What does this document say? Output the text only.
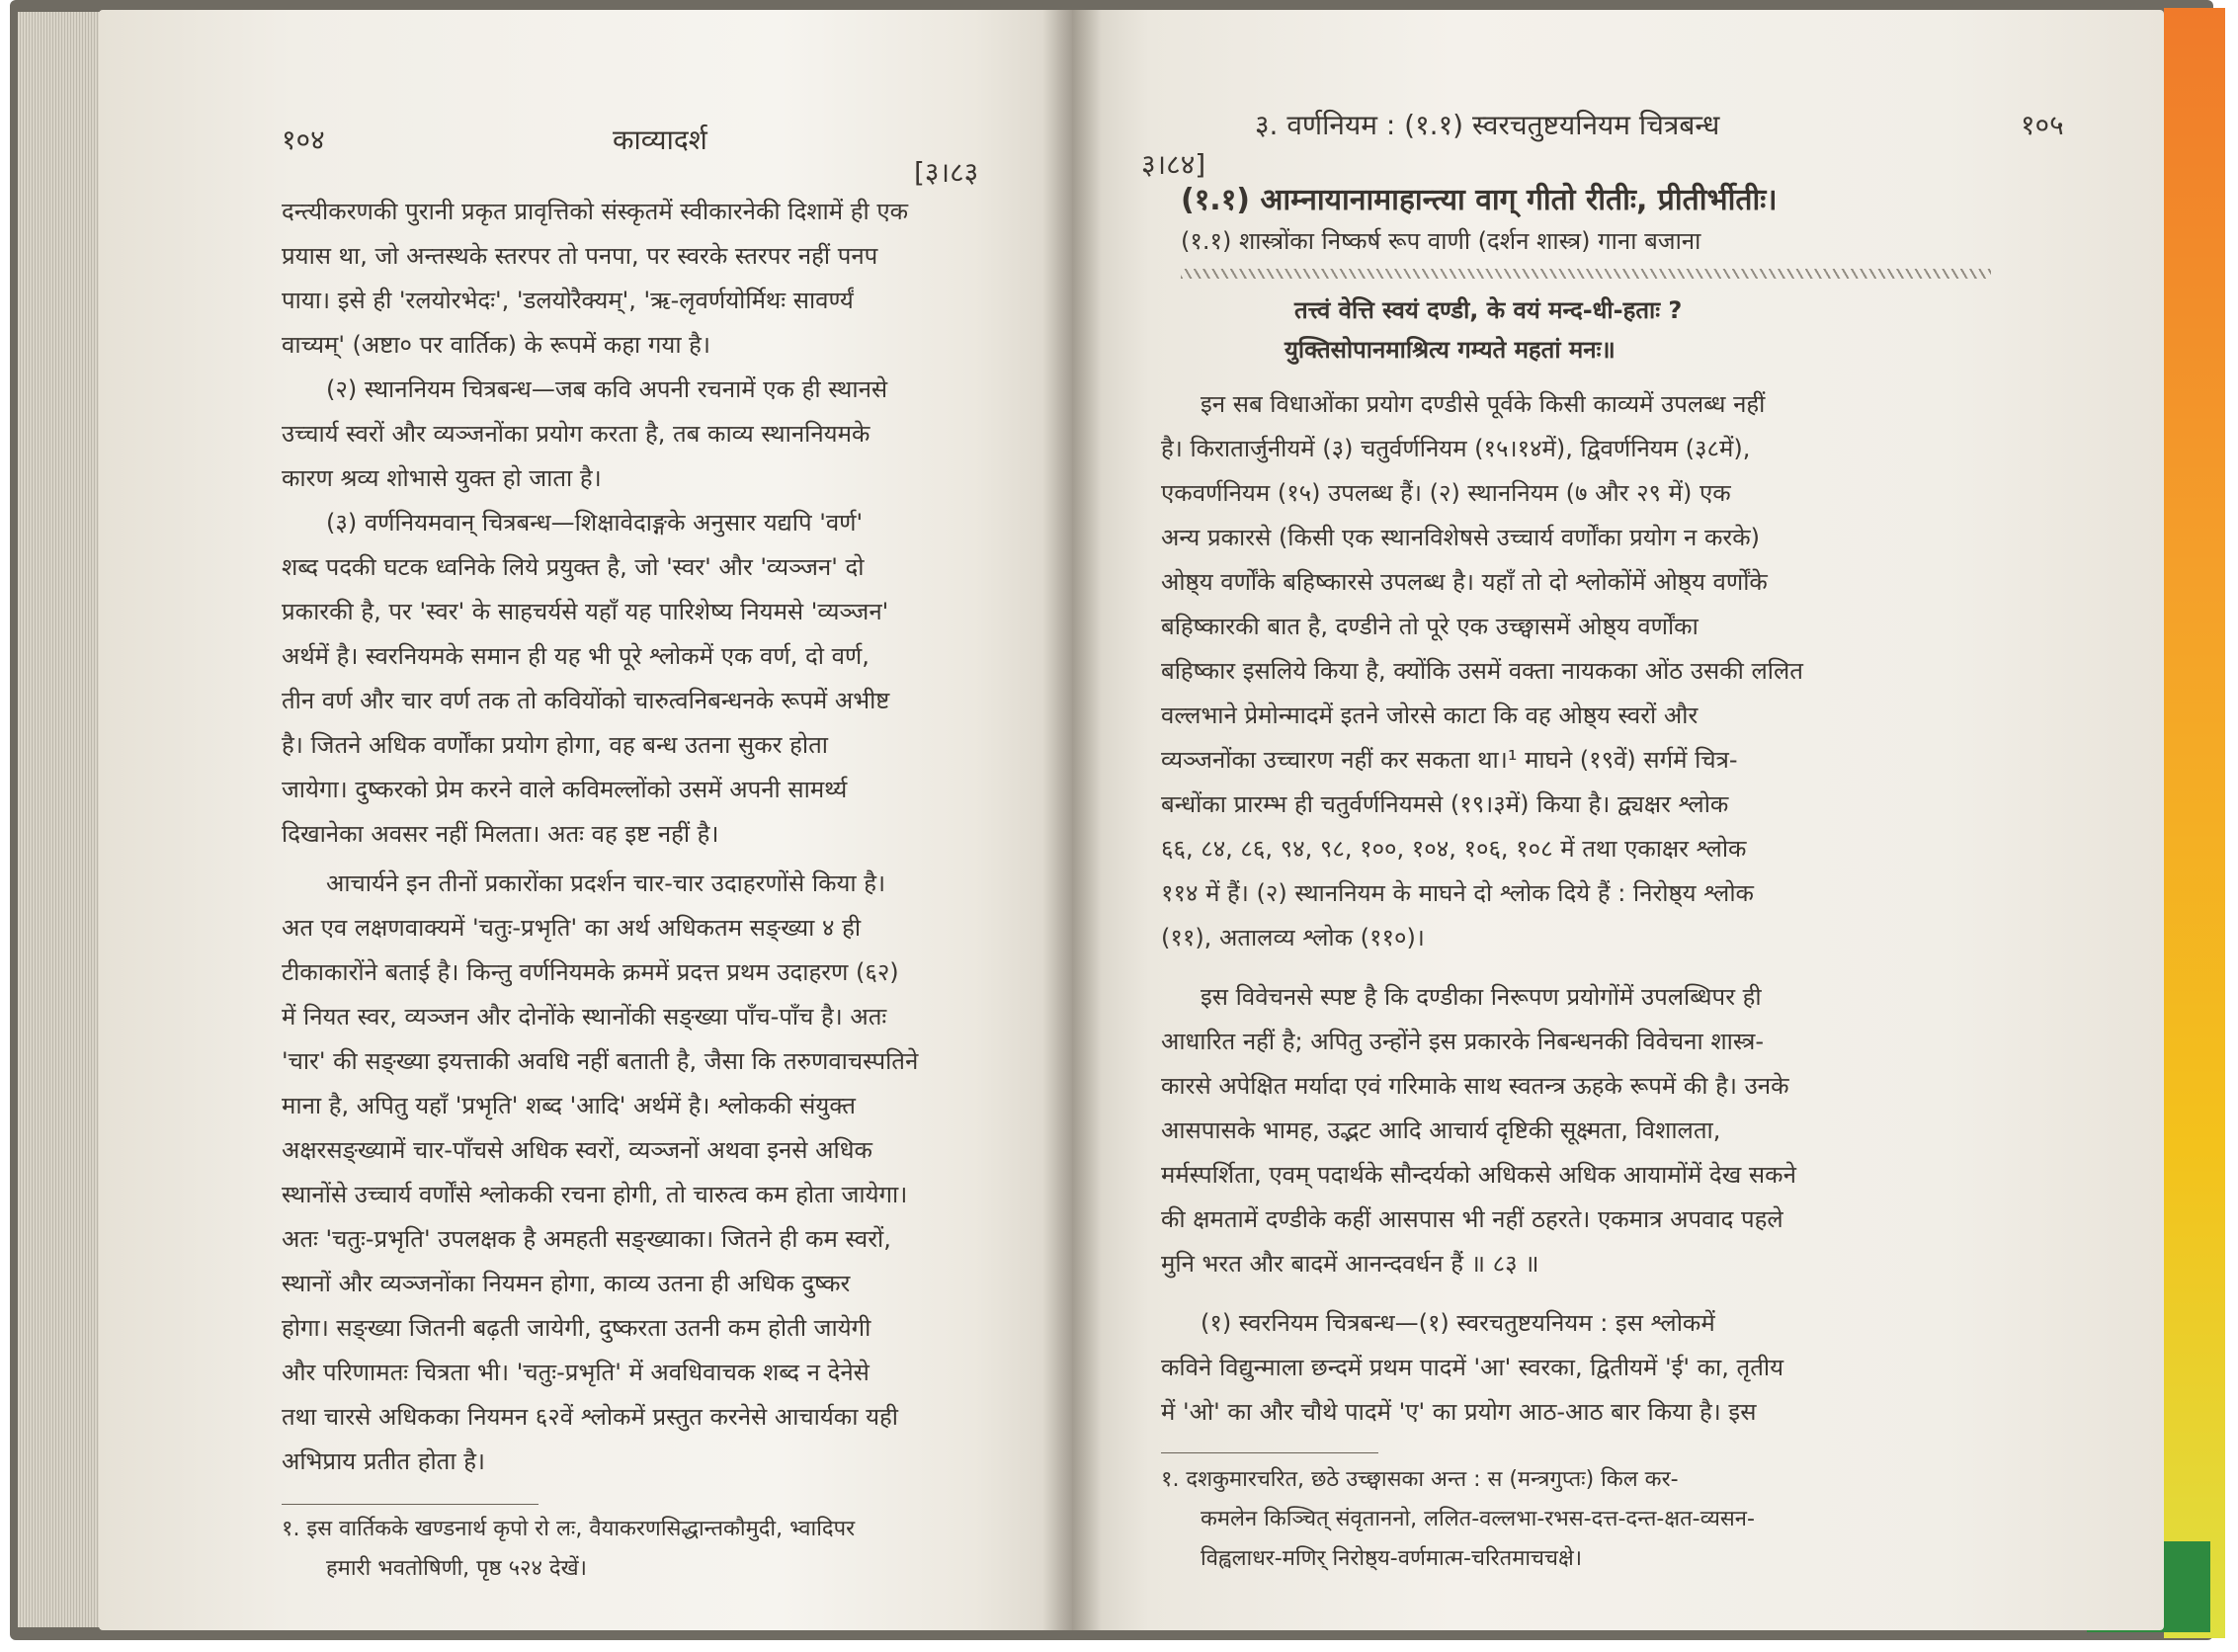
१०४	काव्यादर्श
[३।८३
दन्त्यीकरणकी पुरानी प्रकृत प्रावृत्तिको संस्कृतमें स्वीकारनेकी दिशामें ही एक
प्रयास था, जो अन्तस्थके स्तरपर तो पनपा, पर स्वरके स्तरपर नहीं पनप
पाया। इसे ही 'रलयोरभेदः', 'डलयोरैक्यम्', 'ऋ-लृवर्णयोर्मिथः सावर्ण्यं
वाच्यम्' (अष्टा० पर वार्तिक) के रूपमें कहा गया है।
(२) स्थाननियम चित्रबन्ध—जब कवि अपनी रचनामें एक ही स्थानसे
उच्चार्य स्वरों और व्यञ्जनोंका प्रयोग करता है, तब काव्य स्थाननियमके
कारण श्रव्य शोभासे युक्त हो जाता है।
(३) वर्णनियमवान् चित्रबन्ध—शिक्षावेदाङ्गके अनुसार यद्यपि 'वर्ण'
शब्द पदकी घटक ध्वनिके लिये प्रयुक्त है, जो 'स्वर' और 'व्यञ्जन' दो
प्रकारकी है, पर 'स्वर' के साहचर्यसे यहाँ यह पारिशेष्य नियमसे 'व्यञ्जन'
अर्थमें है। स्वरनियमके समान ही यह भी पूरे श्लोकमें एक वर्ण, दो वर्ण,
तीन वर्ण और चार वर्ण तक तो कवियोंको चारुत्वनिबन्धनके रूपमें अभीष्ट
है। जितने अधिक वर्णोंका प्रयोग होगा, वह बन्ध उतना सुकर होता
जायेगा। दुष्करको प्रेम करने वाले कविमल्लोंको उसमें अपनी सामर्थ्य
दिखानेका अवसर नहीं मिलता। अतः वह इष्ट नहीं है।
आचार्यने इन तीनों प्रकारोंका प्रदर्शन चार-चार उदाहरणोंसे किया है।
अत एव लक्षणवाक्यमें 'चतुः-प्रभृति' का अर्थ अधिकतम सङ्ख्या ४ ही
टीकाकारोंने बताई है। किन्तु वर्णनियमके क्रममें प्रदत्त प्रथम उदाहरण (६२)
में नियत स्वर, व्यञ्जन और दोनोंके स्थानोंकी सङ्ख्या पाँच-पाँच है। अतः
'चार' की सङ्ख्या इयत्ताकी अवधि नहीं बताती है, जैसा कि तरुणवाचस्पतिने
माना है, अपितु यहाँ 'प्रभृति' शब्द 'आदि' अर्थमें है। श्लोककी संयुक्त
अक्षरसङ्ख्यामें चार-पाँचसे अधिक स्वरों, व्यञ्जनों अथवा इनसे अधिक
स्थानोंसे उच्चार्य वर्णोंसे श्लोककी रचना होगी, तो चारुत्व कम होता जायेगा।
अतः 'चतुः-प्रभृति' उपलक्षक है अमहती सङ्ख्याका। जितने ही कम स्वरों,
स्थानों और व्यञ्जनोंका नियमन होगा, काव्य उतना ही अधिक दुष्कर
होगा। सङ्ख्या जितनी बढ़ती जायेगी, दुष्करता उतनी कम होती जायेगी
और परिणामतः चित्रता भी। 'चतुः-प्रभृति' में अवधिवाचक शब्द न देनेसे
तथा चारसे अधिकका नियमन ६२वें श्लोकमें प्रस्तुत करनेसे आचार्यका यही
अभिप्राय प्रतीत होता है।
१. इस वार्तिकके खण्डनार्थ कृपो रो लः, वैयाकरणसिद्धान्तकौमुदी, भ्वादिपर
हमारी भवतोषिणी, पृष्ठ ५२४ देखें।
३।८४]
३. वर्णनियम : (१.१) स्वरचतुष्टयनियम चित्रबन्ध	१०५
(१.१) आम्नायानामाहान्त्या वाग् गीतो रीतीः, प्रीतीर्भीतीः।
(१.१) शास्त्रोंका निष्कर्ष रूप वाणी (दर्शन शास्त्र) गाना बजाना
तत्त्वं वेत्ति स्वयं दण्डी, के वयं मन्द-धी-हताः ?
युक्तिसोपानमाश्रित्य गम्यते महतां मनः॥
इन सब विधाओंका प्रयोग दण्डीसे पूर्वके किसी काव्यमें उपलब्ध नहीं
है। किरातार्जुनीयमें (३) चतुर्वर्णनियम (१५।१४में), द्विवर्णनियम (३८में),
एकवर्णनियम (१५) उपलब्ध हैं। (२) स्थाननियम (७ और २९ में) एक
अन्य प्रकारसे (किसी एक स्थानविशेषसे उच्चार्य वर्णोंका प्रयोग न करके)
ओष्ठ्य वर्णोंके बहिष्कारसे उपलब्ध है। यहाँ तो दो श्लोकोंमें ओष्ठ्य वर्णोंके
बहिष्कारकी बात है, दण्डीने तो पूरे एक उच्छ्वासमें ओष्ठ्य वर्णोंका
बहिष्कार इसलिये किया है, क्योंकि उसमें वक्ता नायकका ओंठ उसकी ललित
वल्लभाने प्रेमोन्मादमें इतने जोरसे काटा कि वह ओष्ठ्य स्वरों और
व्यञ्जनोंका उच्चारण नहीं कर सकता था।¹ माघने (१९वें) सर्गमें चित्र-
बन्धोंका प्रारम्भ ही चतुर्वर्णनियमसे (१९।३में) किया है। द्व्यक्षर श्लोक
६६, ८४, ८६, ९४, ९८, १००, १०४, १०६, १०८ में तथा एकाक्षर श्लोक
११४ में हैं। (२) स्थाननियम के माघने दो श्लोक दिये हैं : निरोष्ठ्य श्लोक
(११), अतालव्य श्लोक (११०)।
इस विवेचनसे स्पष्ट है कि दण्डीका निरूपण प्रयोगोंमें उपलब्धिपर ही
आधारित नहीं है; अपितु उन्होंने इस प्रकारके निबन्धनकी विवेचना शास्त्र-
कारसे अपेक्षित मर्यादा एवं गरिमाके साथ स्वतन्त्र ऊहके रूपमें की है। उनके
आसपासके भामह, उद्भट आदि आचार्य दृष्टिकी सूक्ष्मता, विशालता,
मर्मस्पर्शिता, एवम् पदार्थके सौन्दर्यको अधिकसे अधिक आयामोंमें देख सकने
की क्षमतामें दण्डीके कहीं आसपास भी नहीं ठहरते। एकमात्र अपवाद पहले
मुनि भरत और बादमें आनन्दवर्धन हैं ॥ ८३ ॥
(१) स्वरनियम चित्रबन्ध—(१) स्वरचतुष्टयनियम : इस श्लोकमें
कविने विद्युन्माला छन्दमें प्रथम पादमें 'आ' स्वरका, द्वितीयमें 'ई' का, तृतीय
में 'ओ' का और चौथे पादमें 'ए' का प्रयोग आठ-आठ बार किया है। इस
१. दशकुमारचरित, छठे उच्छ्वासका अन्त : स (मन्त्रगुप्तः) किल कर-
कमलेन किञ्चित् संवृताननो, ललित-वल्लभा-रभस-दत्त-दन्त-क्षत-व्यसन-
विह्वलाधर-मणिर् निरोष्ठ्य-वर्णमात्म-चरितमाचचक्षे।
